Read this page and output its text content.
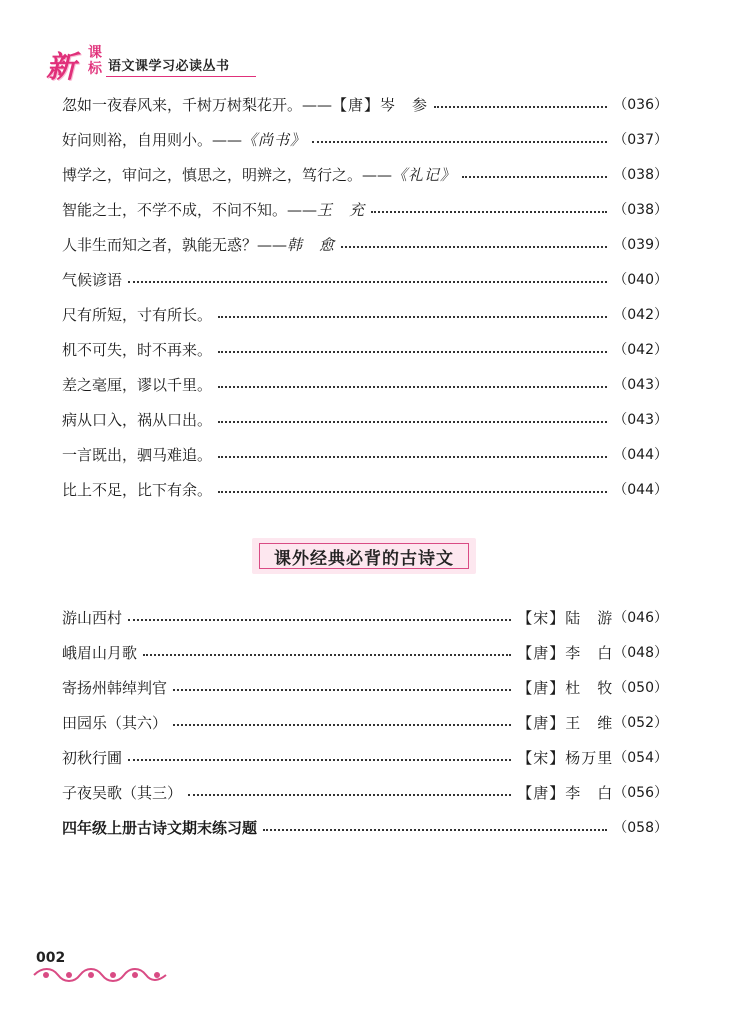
新 课
标 语文课学习必读丛书
忽如一夜春风来，千树万树梨花开。—— 【唐】岑　参	（036）
好问则裕，自用则小。—— 《尚书》	（037）
博学之，审问之，慎思之，明辨之，笃行之。—— 《礼记》	（038）
智能之士，不学不成，不问不知。—— 王　充	（038）
人非生而知之者，孰能无惑？—— 韩　愈	（039）
气候谚语	（040）
尺有所短，寸有所长。	（042）
机不可失，时不再来。	（042）
差之毫厘，谬以千里。	（043）
病从口入，祸从口出。	（043）
一言既出，驷马难追。	（044）
比上不足，比下有余。	（044）
课外经典必背的古诗文
游山西村	【宋】陆　游 （046）
峨眉山月歌	【唐】李　白 （048）
寄扬州韩绰判官	【唐】杜　牧 （050）
田园乐（其六）	【唐】王　维 （052）
初秋行圃	【宋】杨万里 （054）
子夜吴歌（其三）	【唐】李　白 （056）
四年级上册古诗文期末练习题	（058）
002
